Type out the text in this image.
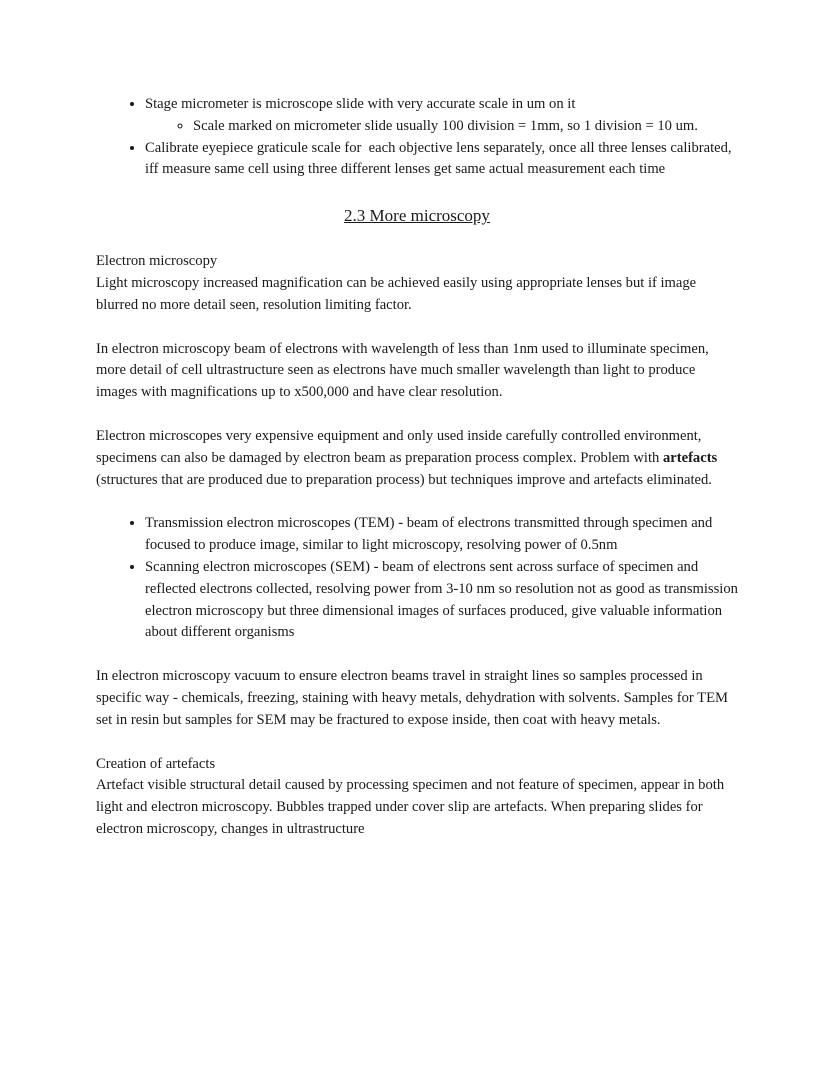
• Stage micrometer is microscope slide with very accurate scale in um on it
◦ Scale marked on micrometer slide usually 100 division = 1mm, so 1 division = 10 um.
• Calibrate eyepiece graticule scale for  each objective lens separately, once all three lenses calibrated, iff measure same cell using three different lenses get same actual measurement each time
2.3 More microscopy
Electron microscopy
Light microscopy increased magnification can be achieved easily using appropriate lenses but if image blurred no more detail seen, resolution limiting factor.
In electron microscopy beam of electrons with wavelength of less than 1nm used to illuminate specimen, more detail of cell ultrastructure seen as electrons have much smaller wavelength than light to produce images with magnifications up to x500,000 and have clear resolution.
Electron microscopes very expensive equipment and only used inside carefully controlled environment, specimens can also be damaged by electron beam as preparation process complex. Problem with artefacts (structures that are produced due to preparation process) but techniques improve and artefacts eliminated.
• Transmission electron microscopes (TEM) - beam of electrons transmitted through specimen and focused to produce image, similar to light microscopy, resolving power of 0.5nm
• Scanning electron microscopes (SEM) - beam of electrons sent across surface of specimen and reflected electrons collected, resolving power from 3-10 nm so resolution not as good as transmission electron microscopy but three dimensional images of surfaces produced, give valuable information about different organisms
In electron microscopy vacuum to ensure electron beams travel in straight lines so samples processed in specific way - chemicals, freezing, staining with heavy metals, dehydration with solvents. Samples for TEM set in resin but samples for SEM may be fractured to expose inside, then coat with heavy metals.
Creation of artefacts
Artefact visible structural detail caused by processing specimen and not feature of specimen, appear in both light and electron microscopy. Bubbles trapped under cover slip are artefacts. When preparing slides for electron microscopy, changes in ultrastructure
